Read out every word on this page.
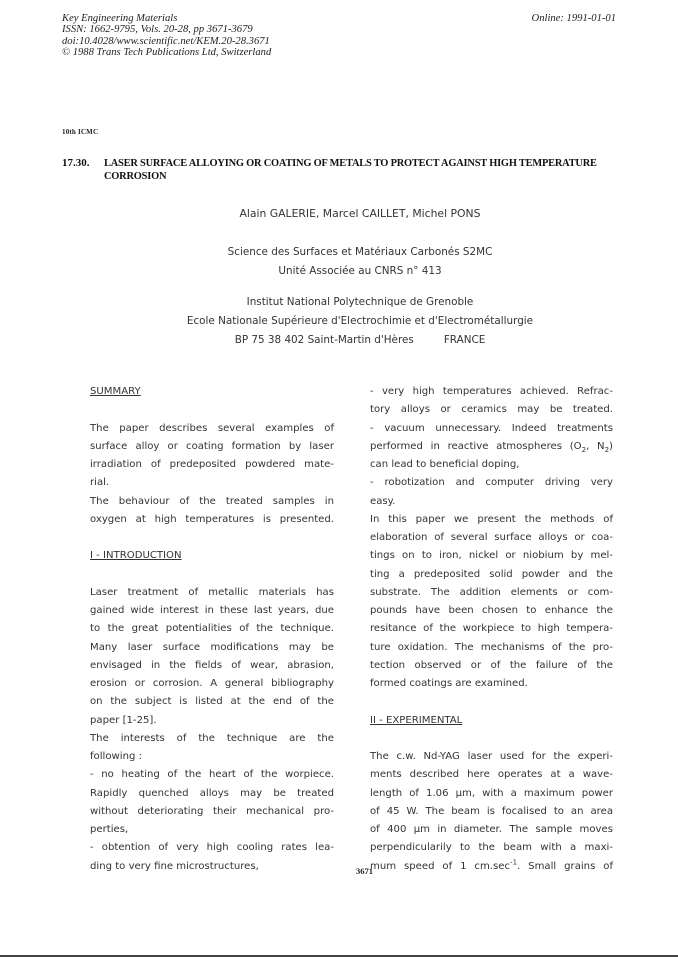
Key Engineering Materials
ISSN: 1662-9795, Vols. 20-28, pp 3671-3679
doi:10.4028/www.scientific.net/KEM.20-28.3671
© 1988 Trans Tech Publications Ltd, Switzerland
Online: 1991-01-01
10th ICMC
17.30. LASER SURFACE ALLOYING OR COATING OF METALS TO PROTECT AGAINST HIGH TEMPERATURE
CORROSION
Alain GALERIE, Marcel CAILLET, Michel PONS
Science des Surfaces et Matériaux Carbonés S2MC
Unité Associée au CNRS n° 413
Institut National Polytechnique de Grenoble
Ecole Nationale Supérieure d'Electrochimie et d'Electrométallurgie
BP 75 38 402 Saint-Martin d'Hères	FRANCE

SUMMARY

The paper describes several examples of
surface alloy or coating formation by laser
irradiation of predeposited powdered mate-
rial.
The behaviour of the treated samples in
oxygen at high temperatures is presented.

I - INTRODUCTION

Laser treatment of metallic materials has
gained wide interest in these last years, due
to the great potentialities of the technique.
Many laser surface modifications may be
envisaged in the fields of wear, abrasion,
erosion or corrosion. A general bibliography
on the subject is listed at the end of the
paper [1-25].
The interests of the technique are the
following :
- no heating of the heart of the worpiece.
Rapidly quenched alloys may be treated
without deteriorating their mechanical pro-
perties,
- obtention of very high cooling rates lea-
ding to very fine microstructures,
- very high temperatures achieved. Refrac-
tory alloys or ceramics may be treated.
- vacuum unnecessary. Indeed treatments
performed in reactive atmospheres ($O_2$, $N_2$)
can lead to beneficial doping,
- robotization and computer driving very
easy.
In this paper we present the methods of
elaboration of several surface alloys or coa-
tings on to iron, nickel or niobium by mel-
ting a predeposited solid powder and the
substrate. The addition elements or com-
pounds have been chosen to enhance the
resitance of the workpiece to high tempera-
ture oxidation. The mechanisms of the pro-
tection observed or of the failure of the
formed coatings are examined.

II - EXPERIMENTAL

The c.w. Nd-YAG laser used for the experi-
ments described here operates at a wave-
length of 1.06 µm, with a maximum power
of 45 W. The beam is focalised to an area
of 400 µm in diameter. The sample moves
perpendicularily to the beam with a maxi-
mum speed of 1 $cm.\sec^{-1}$. Small grains of
3671
